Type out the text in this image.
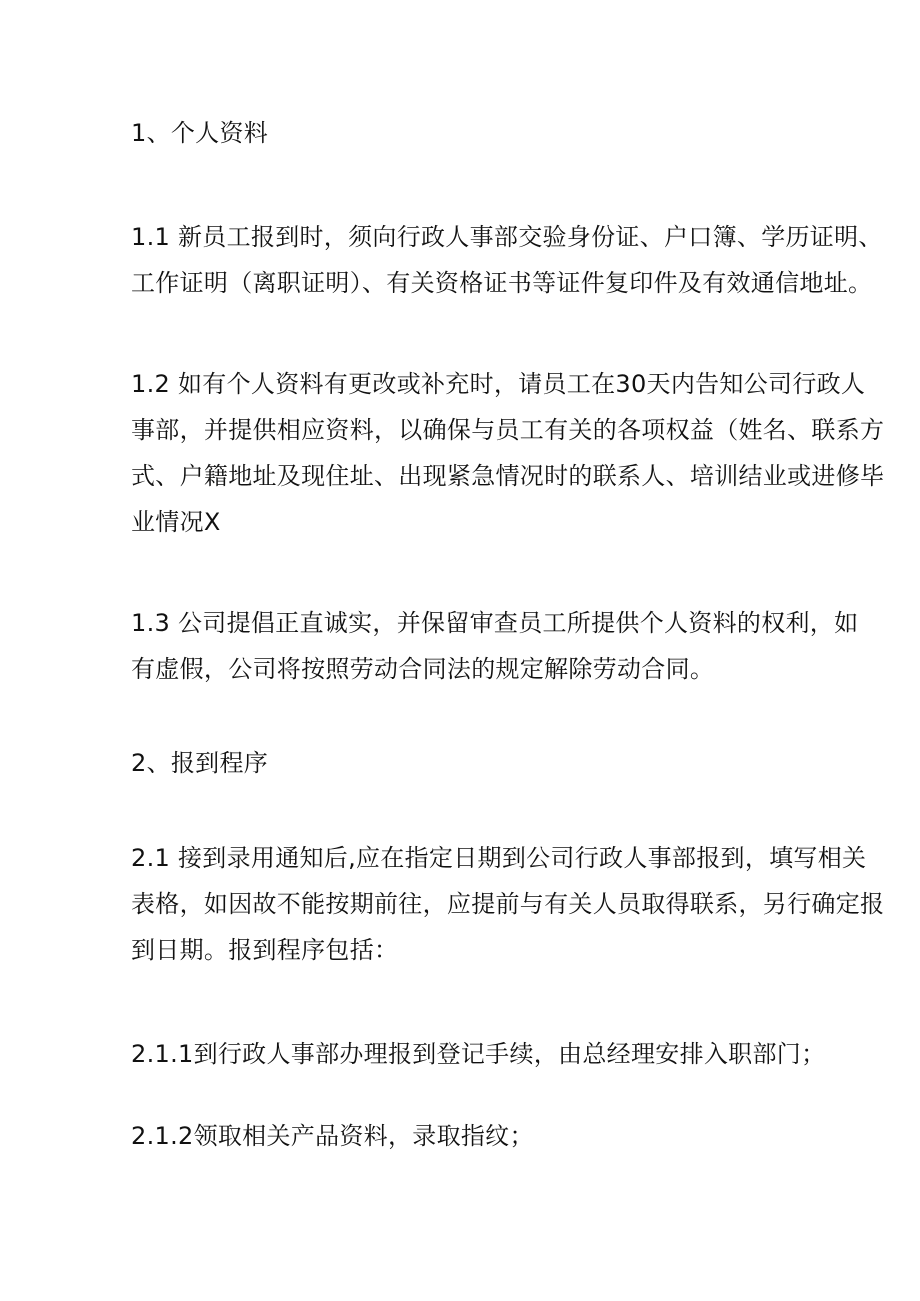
1、个人资料
1.1 新员工报到时，须向行政人事部交验身份证、户口簿、学历证明、
工作证明（离职证明）、有关资格证书等证件复印件及有效通信地址。
1.2 如有个人资料有更改或补充时，请员工在30天内告知公司行政人
事部，并提供相应资料，以确保与员工有关的各项权益（姓名、联系方
式、户籍地址及现住址、出现紧急情况时的联系人、培训结业或进修毕
业情况X
1.3 公司提倡正直诚实，并保留审查员工所提供个人资料的权利，如
有虚假，公司将按照劳动合同法的规定解除劳动合同。
2、报到程序
2.1 接到录用通知后,应在指定日期到公司行政人事部报到，填写相关
表格，如因故不能按期前往，应提前与有关人员取得联系，另行确定报
到日期。报到程序包括：
2.1.1到行政人事部办理报到登记手续，由总经理安排入职部门；
2.1.2领取相关产品资料，录取指纹；
